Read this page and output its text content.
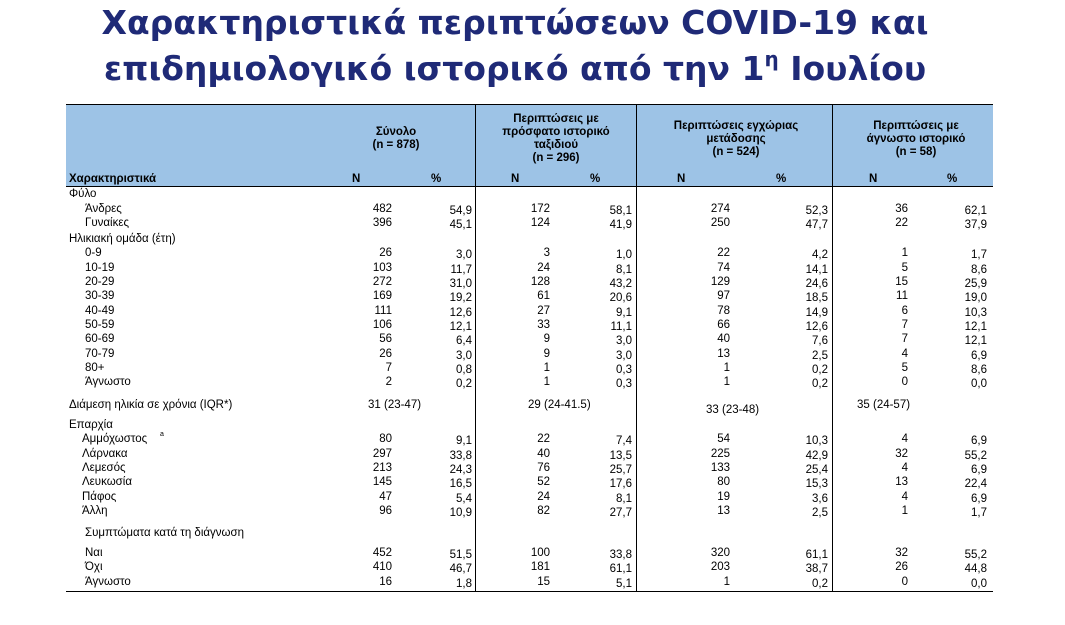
Χαρακτηριστικά περιπτώσεων COVID-19 και
επιδημιολογικό ιστορικό από την $1^\eta$ Ιουλίου
Σύνολο
(n = 878)
Περιπτώσεις με
πρόσφατο ιστορικό
ταξιδιού
(n = 296)
Περιπτώσεις εγχώριας
μετάδοσης
(n = 524)
Περιπτώσεις με
άγνωστο ιστορικό
(n = 58)
Χαρακτηριστικά	N	%	N	%	N	%	N	%
Φύλο
Άνδρες	482	54,9	172	58,1	274	52,3	36	62,1
Γυναίκες	396	45,1	124	41,9	250	47,7	22	37,9
Ηλικιακή ομάδα (έτη)
0-9	26	3,0	3	1,0	22	4,2	1	1,7
10-19	103	11,7	24	8,1	74	14,1	5	8,6
20-29	272	31,0	128	43,2	129	24,6	15	25,9
30-39	169	19,2	61	20,6	97	18,5	11	19,0
40-49	111	12,6	27	9,1	78	14,9	6	10,3
50-59	106	12,1	33	11,1	66	12,6	7	12,1
60-69	56	6,4	9	3,0	40	7,6	7	12,1
70-79	26	3,0	9	3,0	13	2,5	4	6,9
80+	7	0,8	1	0,3	1	0,2	5	8,6
Άγνωστο	2	0,2	1	0,3	1	0,2	0	0,0
Διάμεση ηλικία σε χρόνια (IQR*)	31 (23-47)	29 (24-41.5)	33 (23-48)	35 (24-57)
Επαρχία
Αμμόχωστος a	80	9,1	22	7,4	54	10,3	4	6,9
Λάρνακα	297	33,8	40	13,5	225	42,9	32	55,2
Λεμεσός	213	24,3	76	25,7	133	25,4	4	6,9
Λευκωσία	145	16,5	52	17,6	80	15,3	13	22,4
Πάφος	47	5,4	24	8,1	19	3,6	4	6,9
Άλλη	96	10,9	82	27,7	13	2,5	1	1,7
Συμπτώματα κατά τη διάγνωση
Ναι	452	51,5	100	33,8	320	61,1	32	55,2
Όχι	410	46,7	181	61,1	203	38,7	26	44,8
Άγνωστο	16	1,8	15	5,1	1	0,2	0	0,0
